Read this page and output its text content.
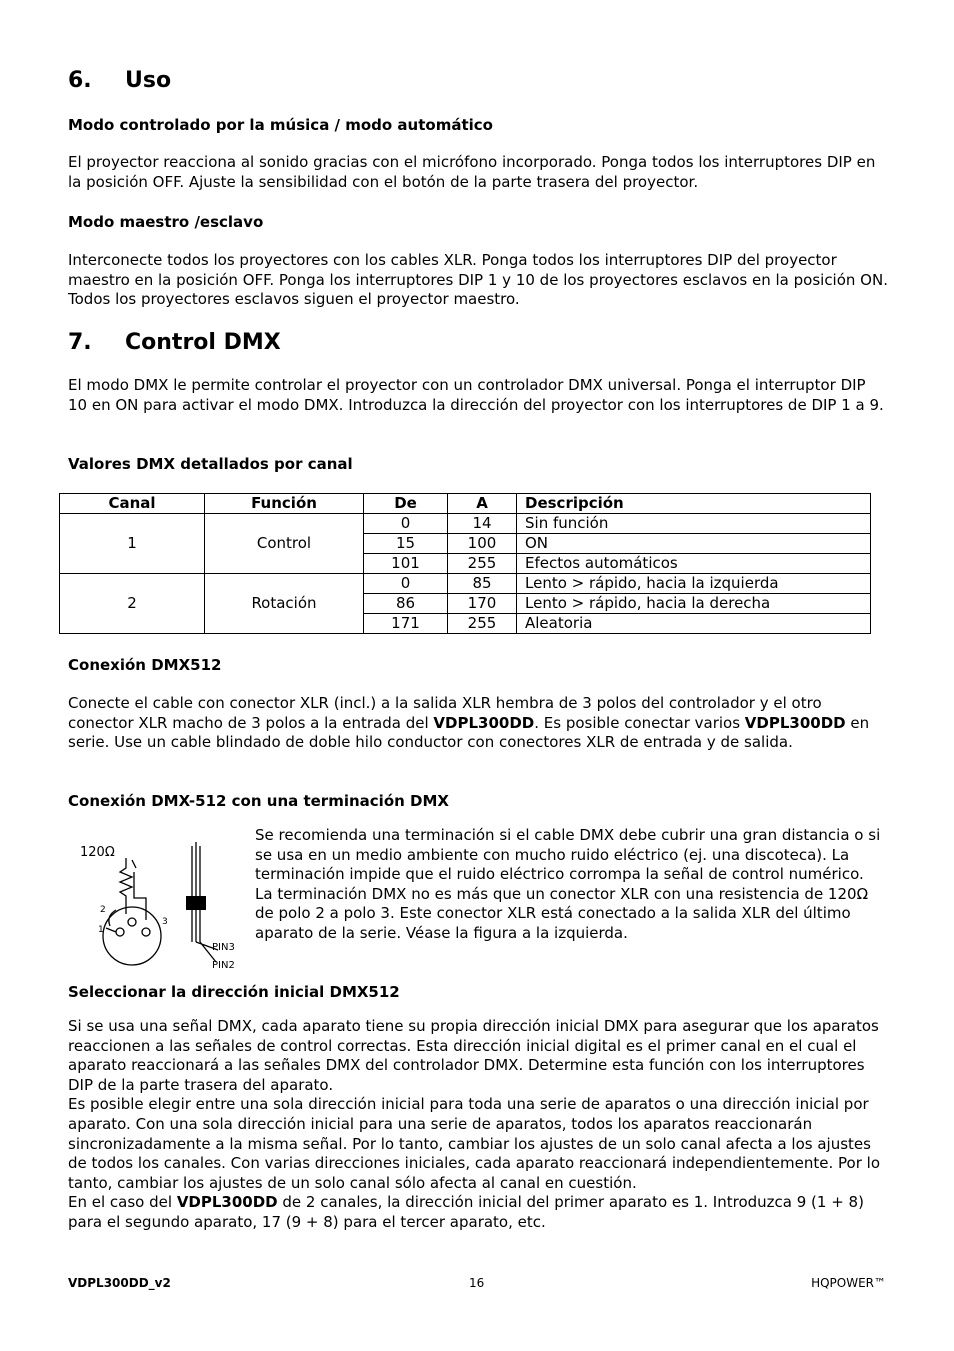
6. Uso
Modo controlado por la música / modo automático
El proyector reacciona al sonido gracias con el micrófono incorporado. Ponga todos los interruptores DIP en la posición OFF. Ajuste la sensibilidad con el botón de la parte trasera del proyector.
Modo maestro /esclavo
Interconecte todos los proyectores con los cables XLR. Ponga todos los interruptores DIP del proyector maestro en la posición OFF. Ponga los interruptores DIP 1 y 10 de los proyectores esclavos en la posición ON. Todos los proyectores esclavos siguen el proyector maestro.
7. Control DMX
El modo DMX le permite controlar el proyector con un controlador DMX universal. Ponga el interruptor DIP 10 en ON para activar el modo DMX. Introduzca la dirección del proyector con los interruptores de DIP 1 a 9.
Valores DMX detallados por canal
Canal	Función	De	A	Descripción
1	Control	0	14	Sin función
		15	100	ON
		101	255	Efectos automáticos
2	Rotación	0	85	Lento > rápido, hacia la izquierda
		86	170	Lento > rápido, hacia la derecha
		171	255	Aleatoria
Conexión DMX512
Conecte el cable con conector XLR (incl.) a la salida XLR hembra de 3 polos del controlador y el otro conector XLR macho de 3 polos a la entrada del VDPL300DD. Es posible conectar varios VDPL300DD en serie. Use un cable blindado de doble hilo conductor con conectores XLR de entrada y de salida.
Conexión DMX-512 con una terminación DMX
120Ω
2
1
3
PIN3
PIN2
Se recomienda una terminación si el cable DMX debe cubrir una gran distancia o si se usa en un medio ambiente con mucho ruido eléctrico (ej. una discoteca). La terminación impide que el ruido eléctrico corrompa la señal de control numérico. La terminación DMX no es más que un conector XLR con una resistencia de 120Ω de polo 2 a polo 3. Este conector XLR está conectado a la salida XLR del último aparato de la serie. Véase la figura a la izquierda.
Seleccionar la dirección inicial DMX512

Si se usa una señal DMX, cada aparato tiene su propia dirección inicial DMX para asegurar que los aparatos reaccionen a las señales de control correctas. Esta dirección inicial digital es el primer canal en el cual el aparato reaccionará a las señales DMX del controlador DMX. Determine esta función con los interruptores DIP de la parte trasera del aparato.

Es posible elegir entre una sola dirección inicial para toda una serie de aparatos o una dirección inicial por aparato. Con una sola dirección inicial para una serie de aparatos, todos los aparatos reaccionarán sincronizadamente a la misma señal. Por lo tanto, cambiar los ajustes de un solo canal afecta a los ajustes de todos los canales. Con varias direcciones iniciales, cada aparato reaccionará independientemente. Por lo tanto, cambiar los ajustes de un solo canal sólo afecta al canal en cuestión.

En el caso del VDPL300DD de 2 canales, la dirección inicial del primer aparato es 1. Introduzca 9 (1 + 8) para el segundo aparato, 17 (9 + 8) para el tercer aparato, etc.

VDPL300DD_v2	16	HQPOWER™
